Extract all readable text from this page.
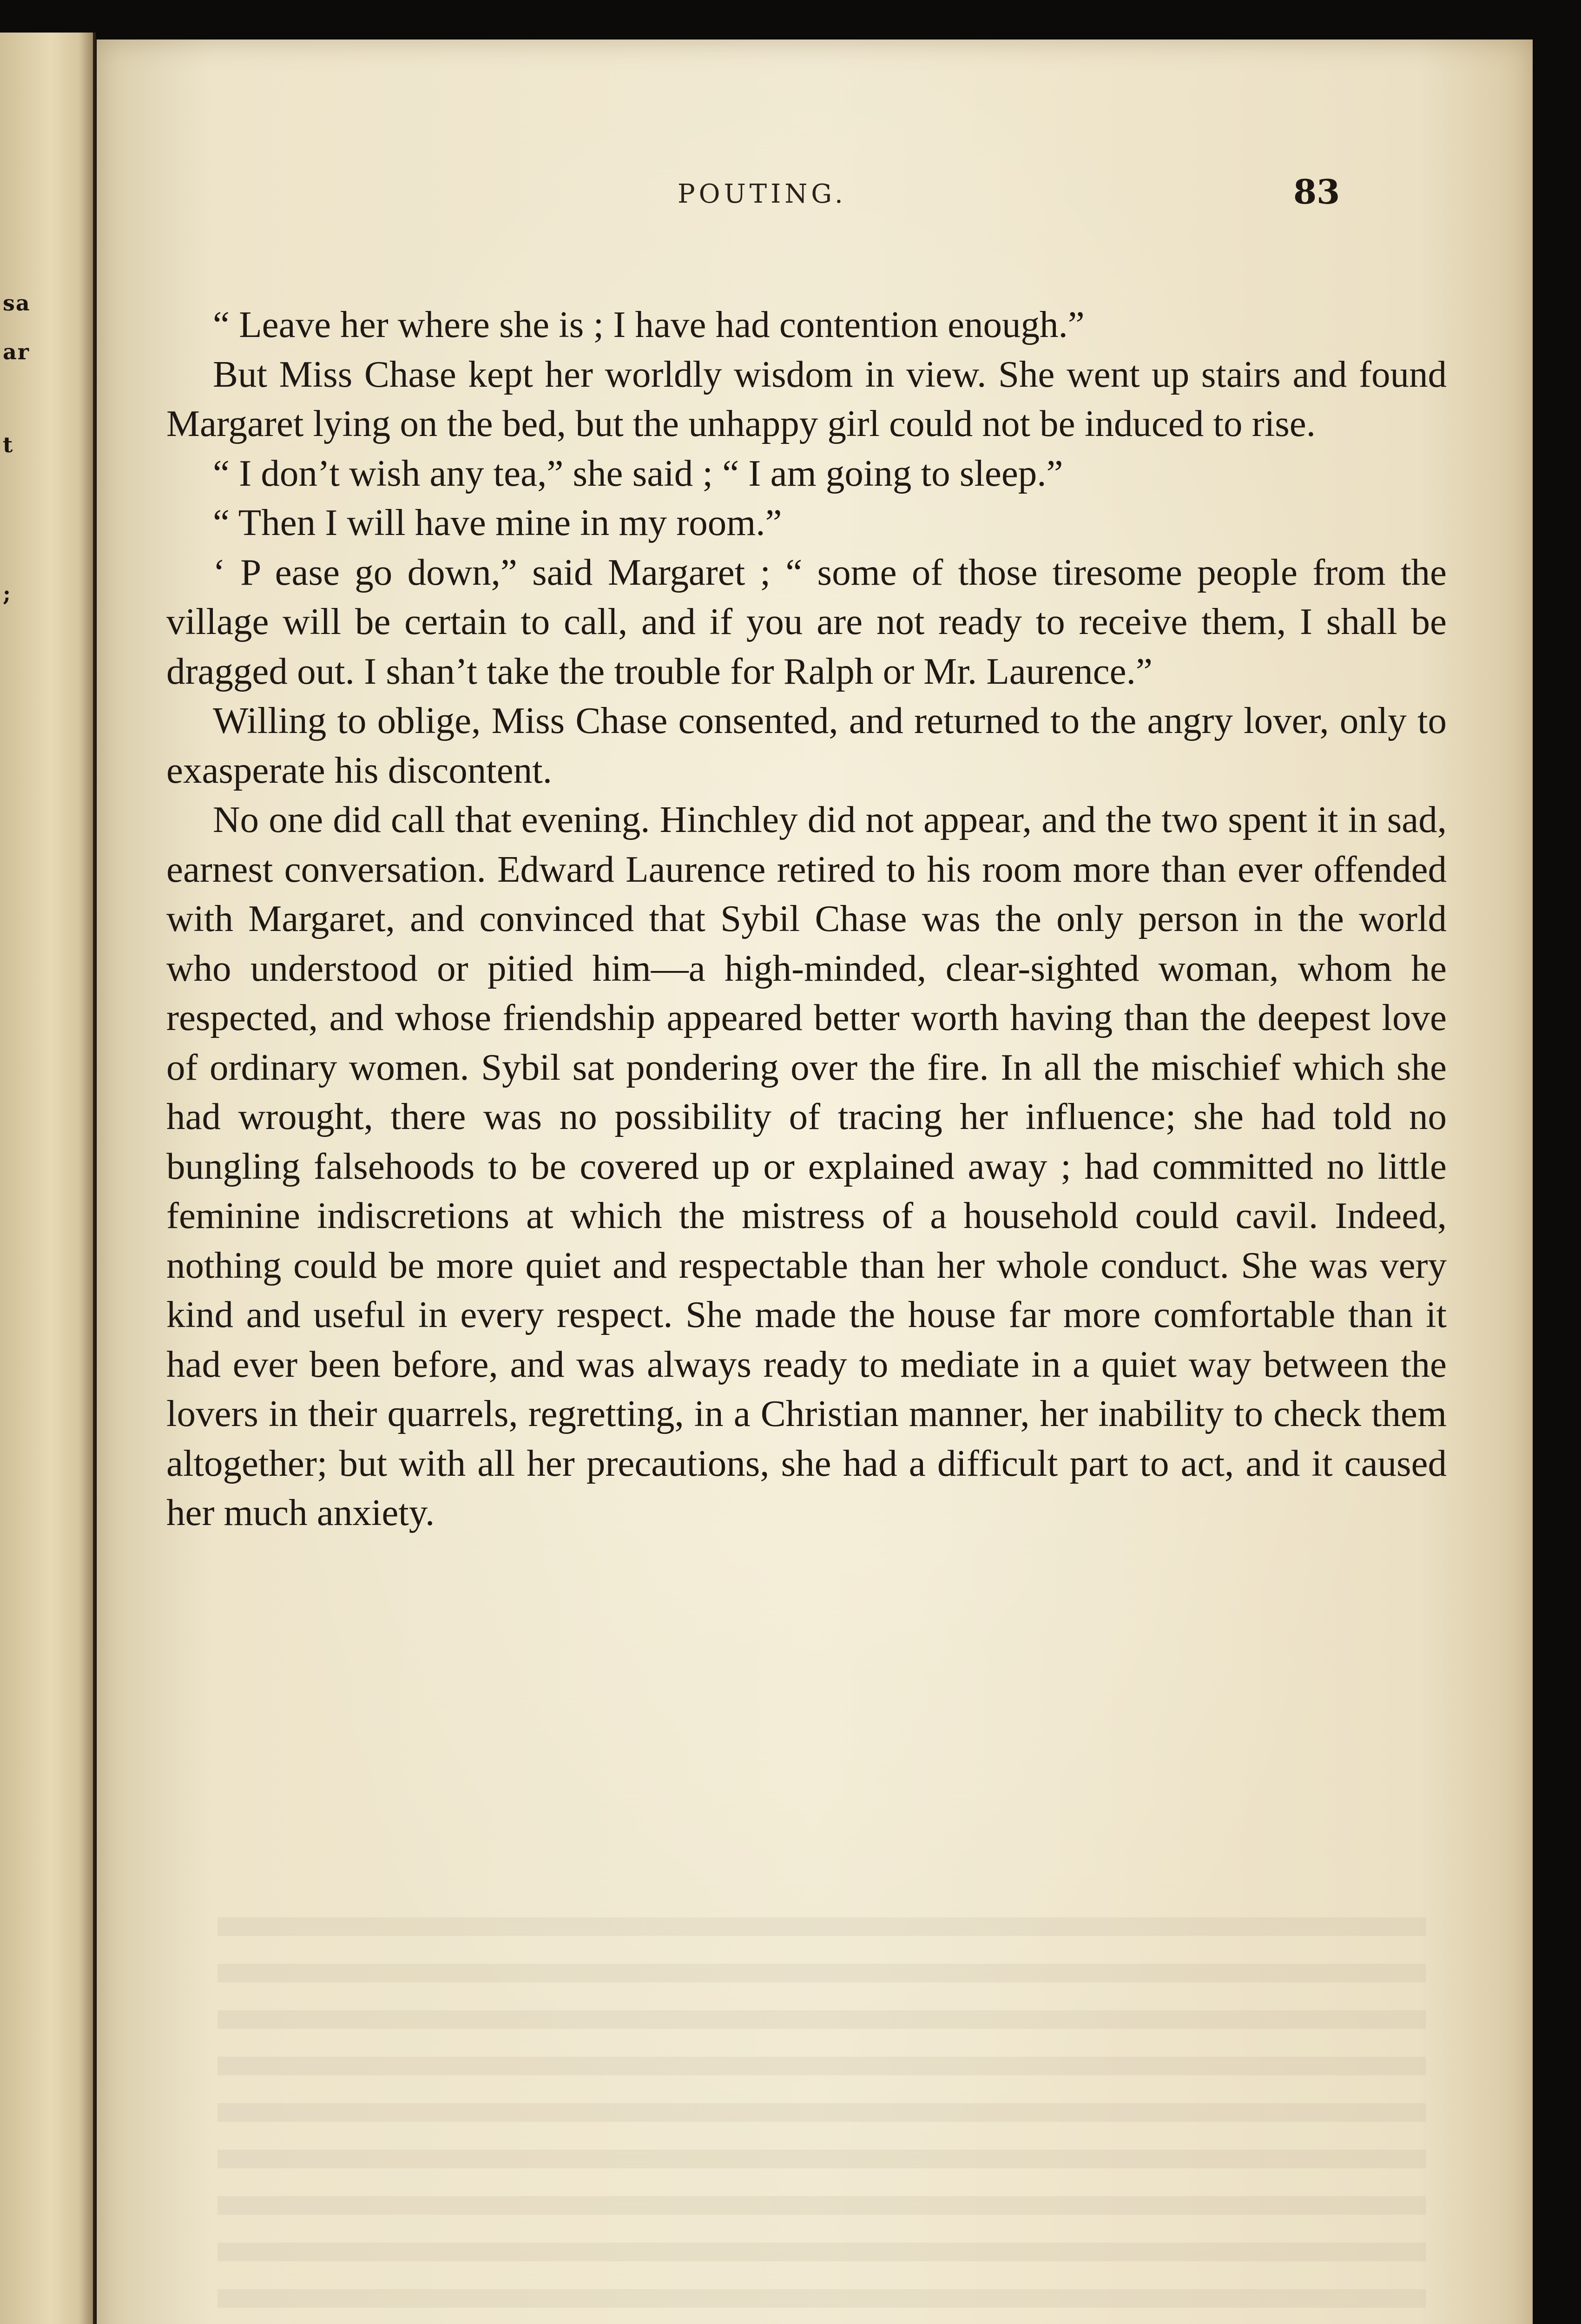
sa
ar
t
;
POUTING.	83

“ Leave her where she is ; I have had contention enough.”

But Miss Chase kept her worldly wisdom in view. She went up stairs and found Margaret lying on the bed, but the unhappy girl could not be induced to rise.

“ I don’t wish any tea,” she said ; “ I am going to sleep.”

“ Then I will have mine in my room.”

‘ P ease go down,” said Margaret ; “ some of those tiresome people from the village will be certain to call, and if you are not ready to receive them, I shall be dragged out. I shan’t take the trouble for Ralph or Mr. Laurence.”

Willing to oblige, Miss Chase consented, and returned to the angry lover, only to exasperate his discontent.

No one did call that evening. Hinchley did not appear, and the two spent it in sad, earnest conversation. Edward Laurence retired to his room more than ever offended with Margaret, and convinced that Sybil Chase was the only person in the world who understood or pitied him—a high-minded, clear-sighted woman, whom he respected, and whose friendship appeared better worth having than the deepest love of ordinary women. Sybil sat pondering over the fire. In all the mischief which she had wrought, there was no possibility of tracing her influence; she had told no bungling falsehoods to be covered up or explained away ; had committed no little feminine indiscretions at which the mistress of a household could cavil. Indeed, nothing could be more quiet and respectable than her whole conduct. She was very kind and useful in every respect. She made the house far more comfortable than it had ever been before, and was always ready to mediate in a quiet way between the lovers in their quarrels, regretting, in a Christian manner, her inability to check them altogether; but with all her precautions, she had a difficult part to act, and it caused her much anxiety.
